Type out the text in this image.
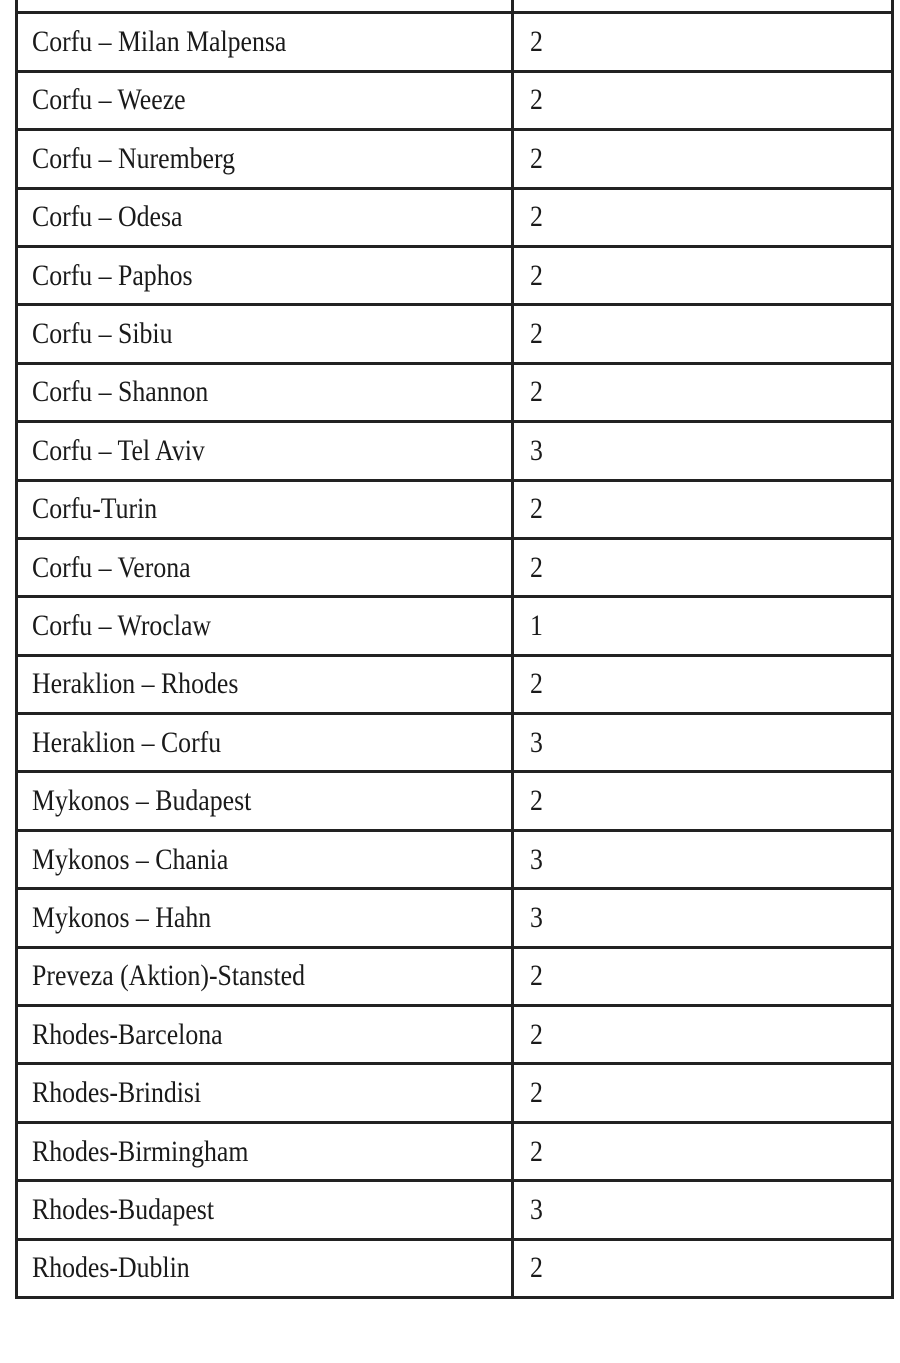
Corfu – Milan Malpensa	2
Corfu – Weeze	2
Corfu – Nuremberg	2
Corfu – Odesa	2
Corfu – Paphos	2
Corfu – Sibiu	2
Corfu – Shannon	2
Corfu – Tel Aviv	3
Corfu-Turin	2
Corfu – Verona	2
Corfu – Wroclaw	1
Heraklion – Rhodes	2
Heraklion – Corfu	3
Mykonos – Budapest	2
Mykonos – Chania	3
Mykonos – Hahn	3
Preveza (Aktion)-Stansted	2
Rhodes-Barcelona	2
Rhodes-Brindisi	2
Rhodes-Birmingham	2
Rhodes-Budapest	3
Rhodes-Dublin	2
